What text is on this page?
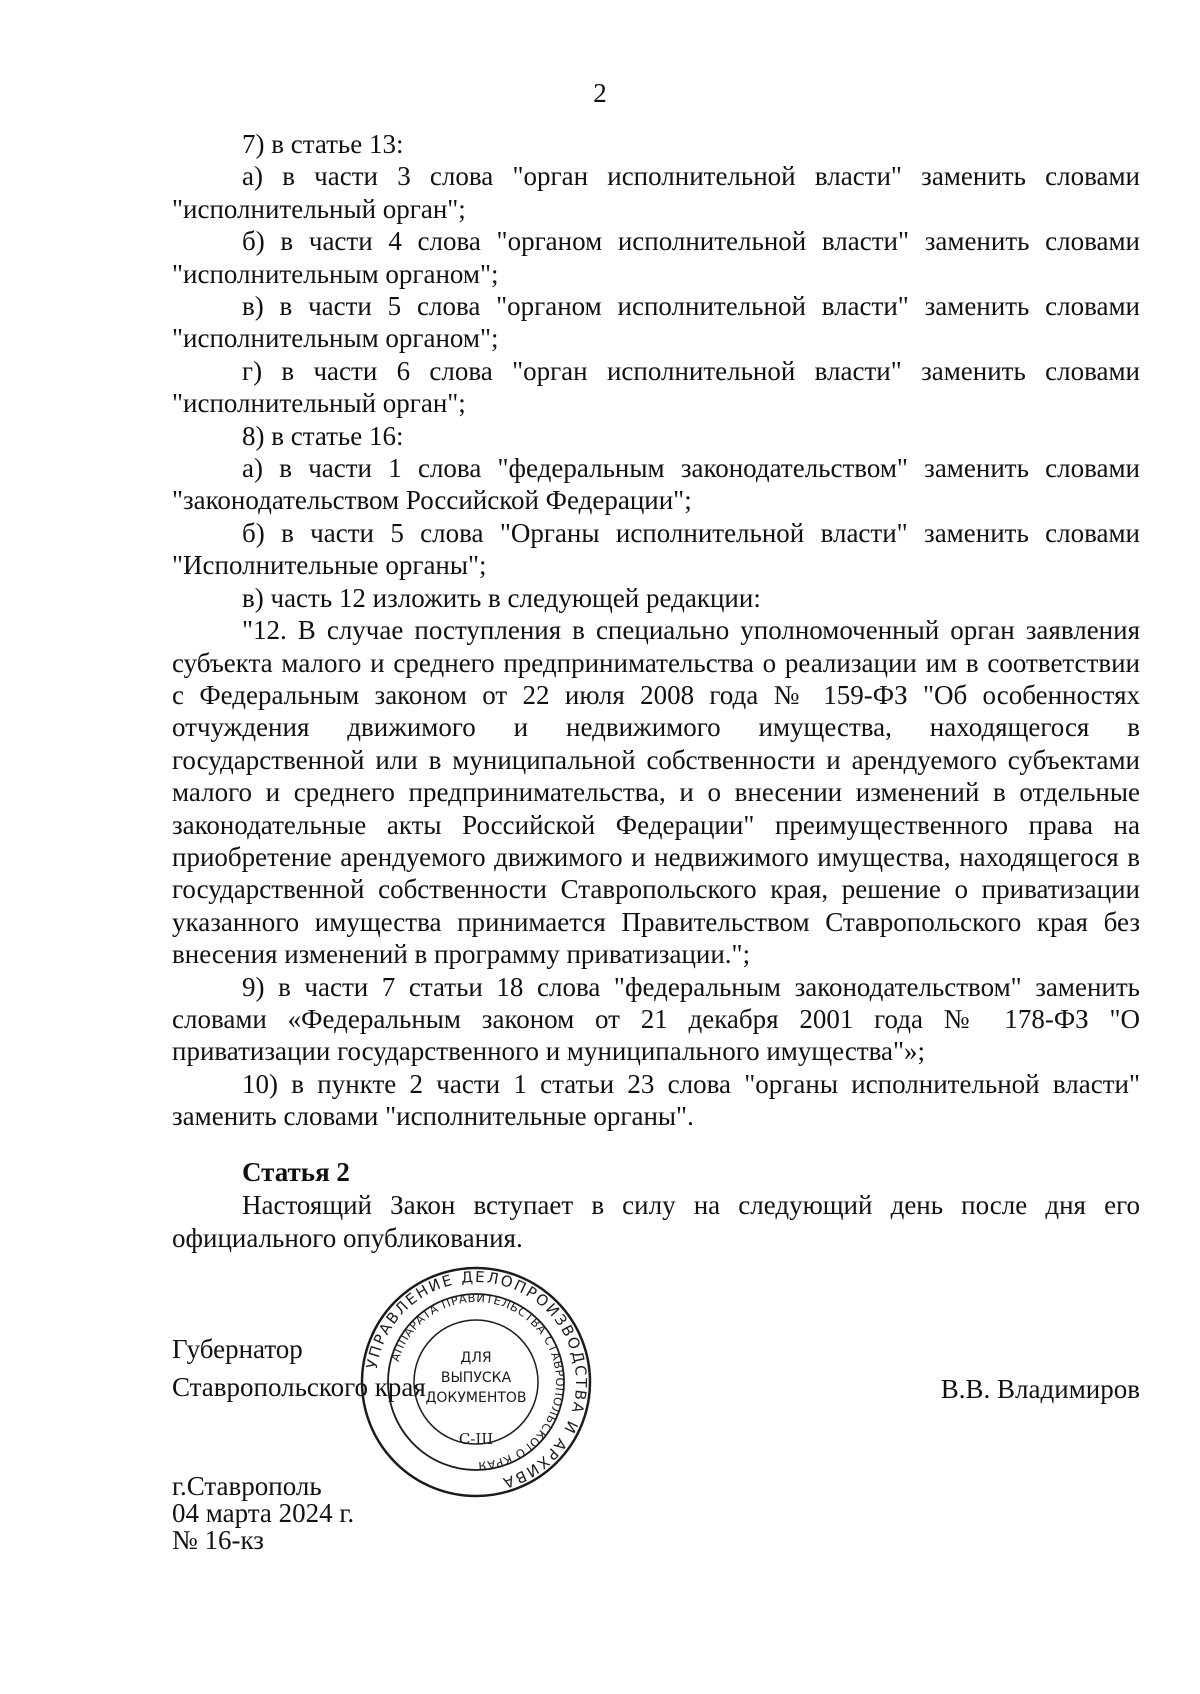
2

7) в статье 13:

а) в части 3 слова "орган исполнительной власти" заменить словами "исполнительный орган";

б) в части 4 слова "органом исполнительной власти" заменить словами "исполнительным органом";

в) в части 5 слова "органом исполнительной власти" заменить словами "исполнительным органом";

г) в части 6 слова "орган исполнительной власти" заменить словами "исполнительный орган";

8) в статье 16:

а) в части 1 слова "федеральным законодательством" заменить словами "законодательством Российской Федерации";

б) в части 5 слова "Органы исполнительной власти" заменить словами "Исполнительные органы";

в) часть 12 изложить в следующей редакции:

"12. В случае поступления в специально уполномоченный орган заявления субъекта малого и среднего предпринимательства о реализации им в соответствии с Федеральным законом от 22 июля 2008 года № 159-ФЗ "Об особенностях отчуждения движимого и недвижимого имущества, находящегося в государственной или в муниципальной собственности и арендуемого субъектами малого и среднего предпринимательства, и о внесении изменений в отдельные законодательные акты Российской Федерации" преимущественного права на приобретение арендуемого движимого и недвижимого имущества, находящегося в государственной собственности Ставропольского края, решение о приватизации указанного имущества принимается Правительством Ставропольского края без внесения изменений в программу приватизации.";

9) в части 7 статьи 18 слова "федеральным законодательством" заменить словами «Федеральным законом от 21 декабря 2001 года № 178-ФЗ "О приватизации государственного и муниципального имущества"»;

10) в пункте 2 части 1 статьи 23 слова "органы исполнительной власти" заменить словами "исполнительные органы".

Статья 2

Настоящий Закон вступает в силу на следующий день после дня его официального опубликования.

Губернатор
Ставропольского края	В.В. Владимиров
г.Ставрополь
04 марта 2024 г.
№ 16-кз
УПРАВЛЕНИЕ ДЕЛОПРОИЗВОДСТВА И АРХИВА
АППАРАТА ПРАВИТЕЛЬСТВА СТАВРОПОЛЬСКОГО КРАЯ
ДЛЯ
ВЫПУСКА
ДОКУМЕНТОВ
С-III
